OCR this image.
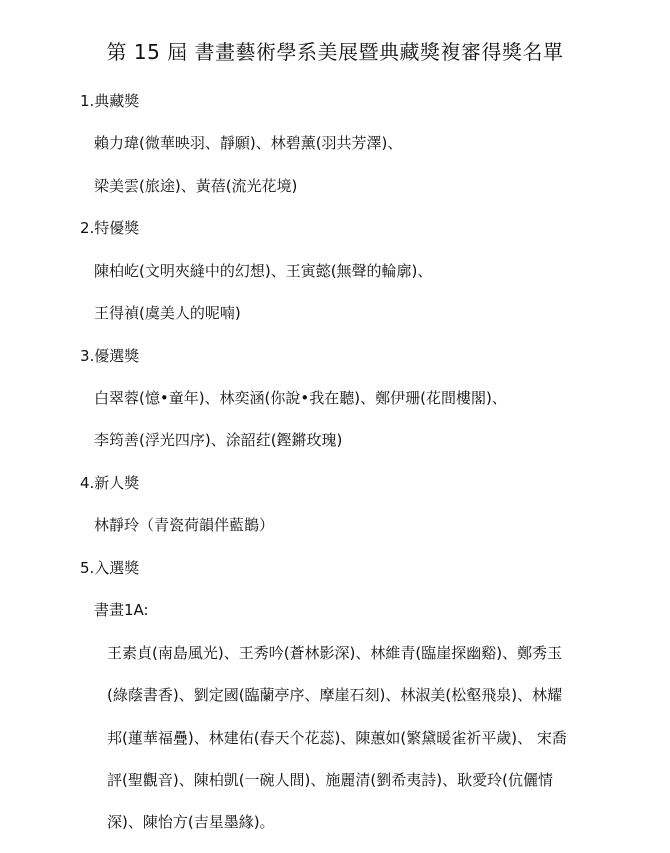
第 15 屆 書畫藝術學系美展暨典藏獎複審得獎名單
1.典藏獎
賴力瑋(微華映羽、靜願)、林碧薰(羽共芳澤)、
梁美雲(旅途)、黃蓓(流光花境)
2.特優獎
陳柏屹(文明夾縫中的幻想)、王寅懿(無聲的輪廓)、
王得禎(虞美人的呢喃)
3.優選獎
白翠蓉(憶•童年)、林奕涵(你說•我在聽)、鄭伊珊(花間樓閣)、
李筠善(浮光四序)、涂韶荭(鏗鏘玫瑰)
4.新人獎
林靜玲（青瓷荷韻伴藍鵲）
5.入選獎
書畫1A:
王素貞(南島風光)、王秀吟(蒼林影深)、林維青(臨崖探幽谿)、鄭秀玉
(綠蔭書香)、劉定國(臨蘭亭序、摩崖石刻)、林淑美(松壑飛泉)、林耀
邦(蓮華福疊)、林建佑(春天个花蕊)、陳蕙如(繁黛暖雀祈平歲)、 宋喬
評(聖觀音)、陳柏凱(一碗人間)、施麗清(劉希夷詩)、耿愛玲(伉儷情
深)、陳怡方(吉星墨緣)。
